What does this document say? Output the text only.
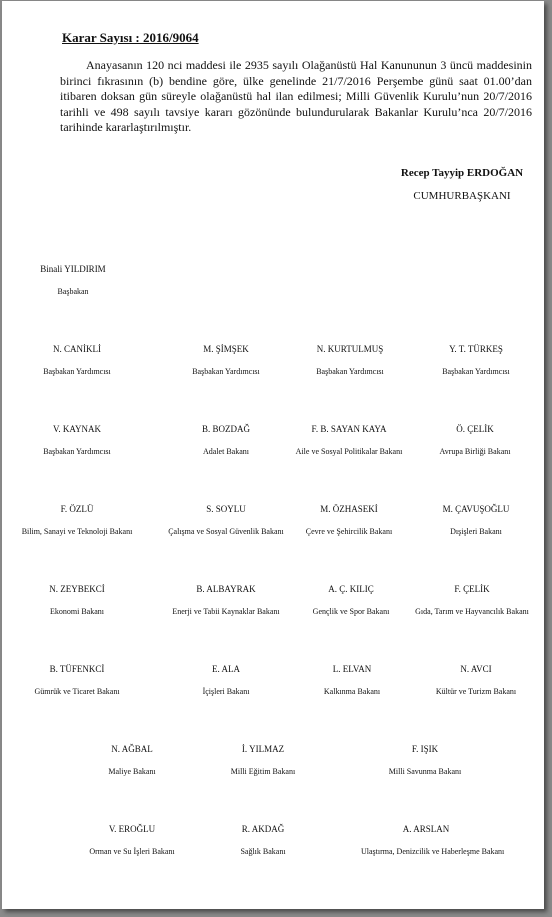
Karar Sayısı : 2016/9064

Anayasanın 120 nci maddesi ile 2935 sayılı Olağanüstü Hal Kanununun 3 üncü maddesinin birinci fıkrasının (b) bendine göre, ülke genelinde 21/7/2016 Perşembe günü saat 01.00’dan itibaren doksan gün süreyle olağanüstü hal ilan edilmesi; Milli Güvenlik Kurulu’nun 20/7/2016 tarihli ve 498 sayılı tavsiye kararı gözönünde bulundurularak Bakanlar Kurulu’nca 20/7/2016 tarihinde kararlaştırılmıştır.

Recep Tayyip ERDOĞAN
CUMHURBAŞKANI
Binali YILDIRIM
Başbakan
N. CANİKLİ
Başbakan Yardımcısı
M. ŞİMŞEK
Başbakan Yardımcısı
N. KURTULMUŞ
Başbakan Yardımcısı
Y. T. TÜRKEŞ
Başbakan Yardımcısı
V. KAYNAK
Başbakan Yardımcısı
B. BOZDAĞ
Adalet Bakanı
F. B. SAYAN KAYA
Aile ve Sosyal Politikalar Bakanı
Ö. ÇELİK
Avrupa Birliği Bakanı
F. ÖZLÜ
Bilim, Sanayi ve Teknoloji Bakanı
S. SOYLU
Çalışma ve Sosyal Güvenlik Bakanı
M. ÖZHASEKİ
Çevre ve Şehircilik Bakanı
M. ÇAVUŞOĞLU
Dışişleri Bakanı
N. ZEYBEKCİ
Ekonomi Bakanı
B. ALBAYRAK
Enerji ve Tabii Kaynaklar Bakanı
A. Ç. KILIÇ
Gençlik ve Spor Bakanı
F. ÇELİK
Gıda, Tarım ve Hayvancılık Bakanı
B. TÜFENKCİ
Gümrük ve Ticaret Bakanı
E. ALA
İçişleri Bakanı
L. ELVAN
Kalkınma Bakanı
N. AVCI
Kültür ve Turizm Bakanı
N. AĞBAL
Maliye Bakanı
İ. YILMAZ
Milli Eğitim Bakanı
F. IŞIK
Milli Savunma Bakanı
V. EROĞLU
Orman ve Su İşleri Bakanı
R. AKDAĞ
Sağlık Bakanı
A. ARSLAN
Ulaştırma, Denizcilik ve Haberleşme Bakanı
